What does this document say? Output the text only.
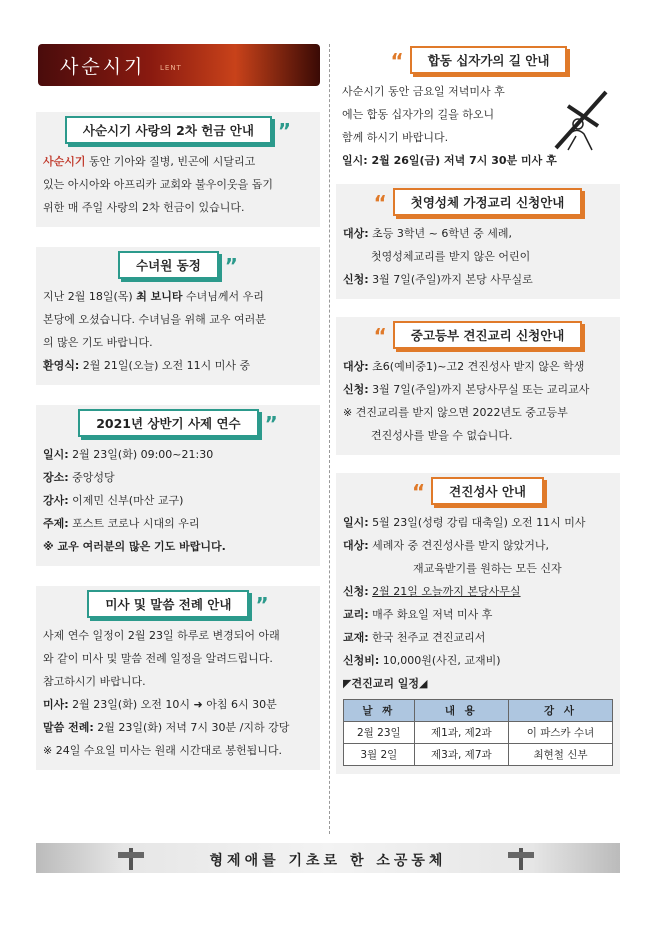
사순시기 LENT
사순시기 사랑의 2차 헌금 안내 ”

사순시기 동안 기아와 질병, 빈곤에 시달리고

있는 아시아와 아프리카 교회와 불우이웃을 돕기

위한 매 주일 사랑의 2차 헌금이 있습니다.

수녀원 동정 ”

지난 2월 18일(목) 최 보니타 수녀님께서 우리

본당에 오셨습니다. 수녀님을 위해 교우 여러분

의 많은 기도 바랍니다.

환영식: 2월 21일(오늘) 오전 11시 미사 중

2021년 상반기 사제 연수 ”

일시: 2월 23일(화) 09:00~21:30

장소: 중앙성당

강사: 이제민 신부(마산 교구)

주제: 포스트 코로나 시대의 우리

※ 교우 여러분의 많은 기도 바랍니다.

미사 및 말씀 전례 안내 ”

사제 연수 일정이 2월 23일 하루로 변경되어 아래

와 같이 미사 및 말씀 전례 일정을 알려드립니다.

참고하시기 바랍니다.

미사: 2월 23일(화) 오전 10시 ➜ 아침 6시 30분

말씀 전례: 2월 23일(화) 저녁 7시 30분 /지하 강당

※ 24일 수요일 미사는 원래 시간대로 봉헌됩니다.

“ 합동 십자가의 길 안내

사순시기 동안 금요일 저녁미사 후

에는 합동 십자가의 길을 하오니

함께 하시기 바랍니다.

일시: 2월 26일(금) 저녁 7시 30분 미사 후

“ 첫영성체 가정교리 신청안내

대상: 초등 3학년 ~ 6학년 중 세례,

첫영성체교리를 받지 않은 어린이

신청: 3월 7일(주일)까지 본당 사무실로

“ 중고등부 견진교리 신청안내

대상: 초6(예비중1)~고2 견진성사 받지 않은 학생

신청: 3월 7일(주일)까지 본당사무실 또는 교리교사

※ 견진교리를 받지 않으면 2022년도 중고등부

견진성사를 받을 수 없습니다.

“ 견진성사 안내

일시: 5월 23일(성령 강림 대축일) 오전 11시 미사

대상: 세례자 중 견진성사를 받지 않았거나,

재교육받기를 원하는 모든 신자

신청: 2월 21일 오늘까지 본당사무실

교리: 매주 화요일 저녁 미사 후

교재: 한국 천주교 견진교리서

신청비: 10,000원(사진, 교재비)

◤견진교리 일정◢

날 짜	내 용	강 사
2월 23일	제1과, 제2과	이 파스카 수녀
3월 2일	제3과, 제7과	최현철 신부
형제애를 기초로 한 소공동체
